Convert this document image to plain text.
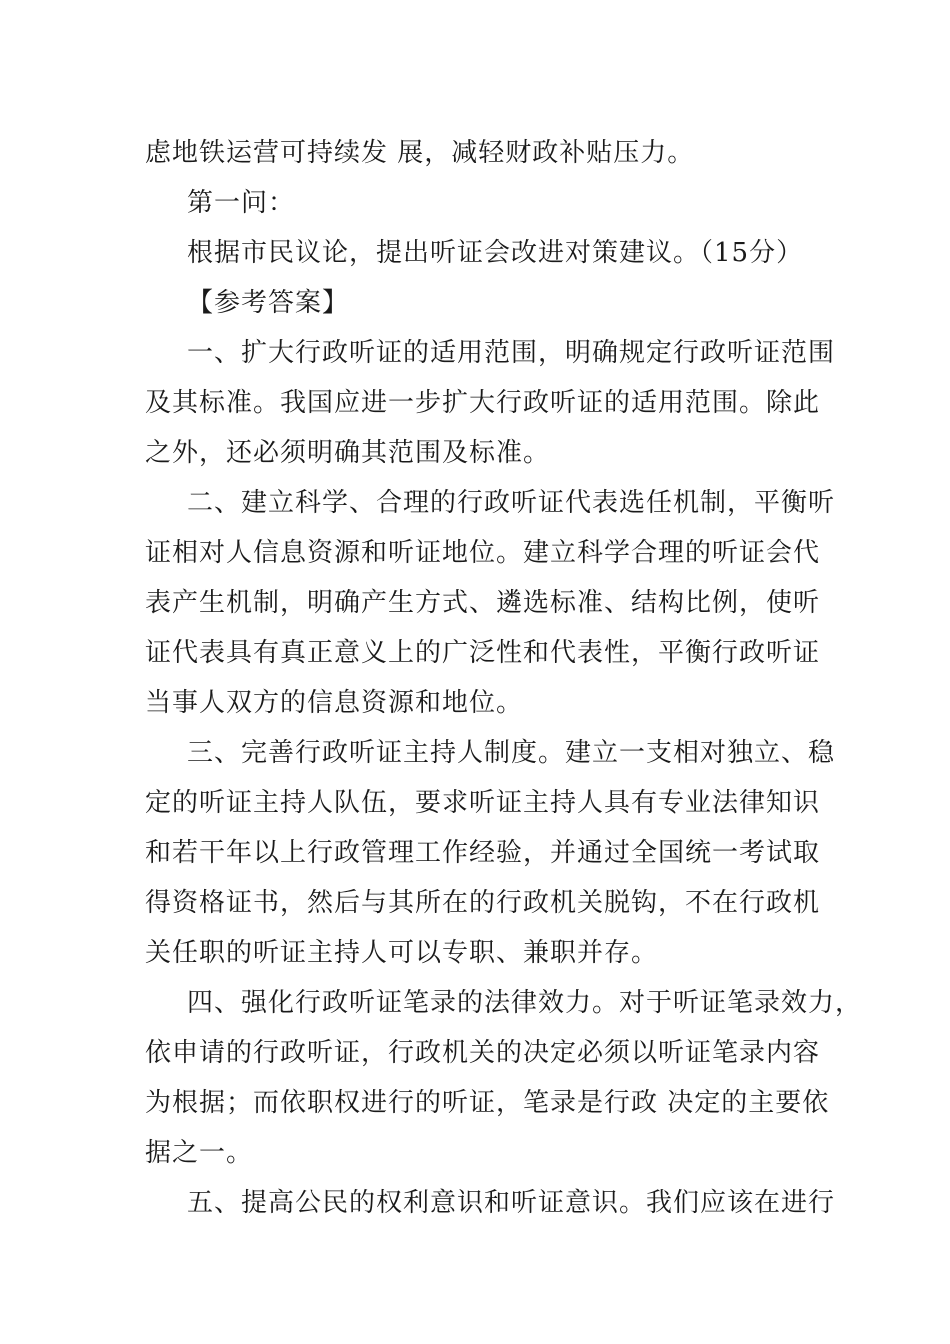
虑地铁运营可持续发 展，减轻财政补贴压力。
第一问：
根据市民议论，提出听证会改进对策建议。（15分）
【参考答案】
一、扩大行政听证的适用范围，明确规定行政听证范围
及其标准。我国应进一步扩大行政听证的适用范围。除此
之外，还必须明确其范围及标准。
二、建立科学、合理的行政听证代表选任机制，平衡听
证相对人信息资源和听证地位。建立科学合理的听证会代
表产生机制，明确产生方式、遴选标准、结构比例，使听
证代表具有真正意义上的广泛性和代表性，平衡行政听证
当事人双方的信息资源和地位。
三、完善行政听证主持人制度。建立一支相对独立、稳
定的听证主持人队伍，要求听证主持人具有专业法律知识
和若干年以上行政管理工作经验，并通过全国统一考试取
得资格证书，然后与其所在的行政机关脱钩，不在行政机
关任职的听证主持人可以专职、兼职并存。
四、强化行政听证笔录的法律效力。对于听证笔录效力，
依申请的行政听证，行政机关的决定必须以听证笔录内容
为根据；而依职权进行的听证，笔录是行政 决定的主要依
据之一。
五、提高公民的权利意识和听证意识。我们应该在进行
